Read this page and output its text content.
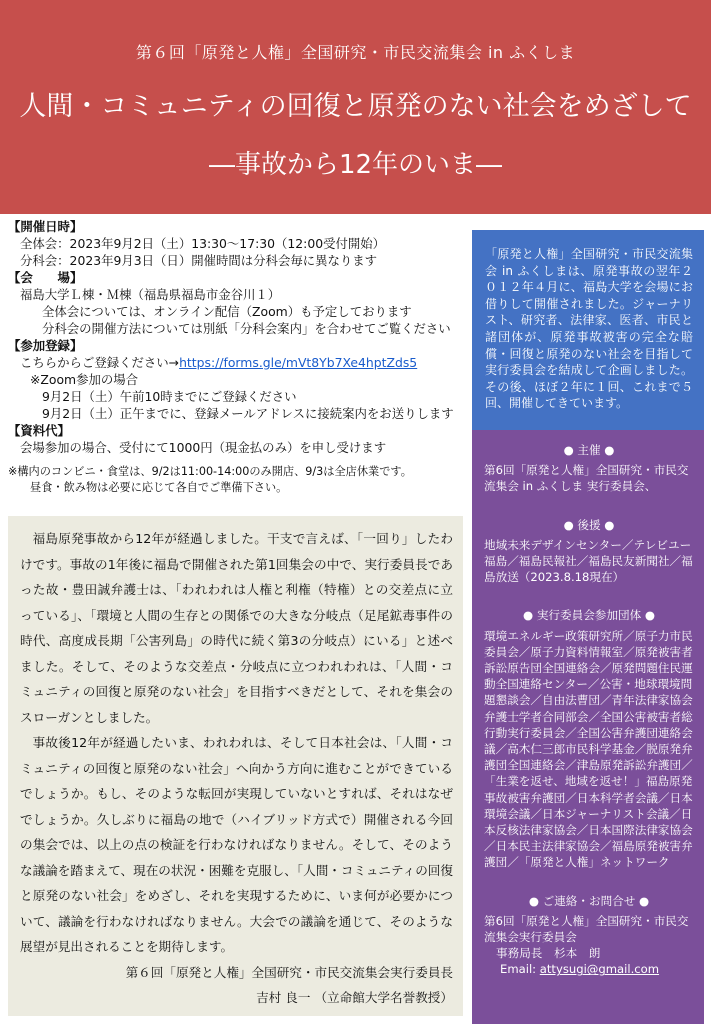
第６回「原発と人権」全国研究・市民交流集会 in ふくしま
人間・コミュニティの回復と原発のない社会をめざして
―事故から12年のいま―
【開催日時】
全体会：2023年9月2日（土）13:30～17:30（12:00受付開始）
分科会：2023年9月3日（日）開催時間は分科会毎に異なります
【会　　場】
福島大学Ｌ棟・Ｍ棟（福島県福島市金谷川１）
全体会については、オンライン配信（Zoom）も予定しております
分科会の開催方法については別紙「分科会案内」を合わせてご覧ください
【参加登録】
こちらからご登録ください→https://forms.gle/mVt8Yb7Xe4hptZds5
※Zoom参加の場合
9月2日（土）午前10時までにご登録ください
9月2日（土）正午までに、登録メールアドレスに接続案内をお送りします
【資料代】
会場参加の場合、受付にて1000円（現金払のみ）を申し受けます
※構内のコンビニ・食堂は、9/2は11:00-14:00のみ開店、9/3は全店休業です。
昼食・飲み物は必要に応じて各自でご準備下さい。

福島原発事故から12年が経過しました。干支で言えば、「一回り」したわけです。事故の1年後に福島で開催された第1回集会の中で、実行委員長であった故・豊田誠弁護士は、「われわれは人権と利権（特権）との交差点に立っている」、「環境と人間の生存との関係での大きな分岐点（足尾鉱毒事件の時代、高度成長期「公害列島」の時代に続く第3の分岐点）にいる」と述べました。そして、そのような交差点・分岐点に立つわれわれは、「人間・コミュニティの回復と原発のない社会」を目指すべきだとして、それを集会のスローガンとしました。

事故後12年が経過したいま、われわれは、そして日本社会は、「人間・コミュニティの回復と原発のない社会」へ向かう方向に進むことができているでしょうか。もし、そのような転回が実現していないとすれば、それはなぜでしょうか。久しぶりに福島の地で（ハイブリッド方式で）開催される今回の集会では、以上の点の検証を行わなければなりません。そして、そのような議論を踏まえて、現在の状況・困難を克服し、「人間・コミュニティの回復と原発のない社会」をめざし、それを実現するために、いま何が必要かについて、議論を行わなければなりません。大会での議論を通じて、そのような展望が見出されることを期待します。

第６回「原発と人権」全国研究・市民交流集会実行委員長
吉村 良一 （立命館大学名誉教授）
「原発と人権」全国研究・市民交流集会 in ふくしまは、原発事故の翌年２０１２年４月に、福島大学を会場にお借りして開催されました。ジャーナリスト、研究者、法律家、医者、市民と諸団体が、原発事故被害の完全な賠償・回復と原発のない社会を目指して実行委員会を結成して企画しました。その後、ほぼ２年に１回、これまで５回、開催してきています。
● 主催 ●
第6回「原発と人権」全国研究・市民交流集会 in ふくしま 実行委員会、
● 後援 ●
地域未来デザインセンター／テレビユー福島／福島民報社／福島民友新聞社／福島放送（2023.8.18現在）
● 実行委員会参加団体 ●
環境エネルギー政策研究所／原子力市民委員会／原子力資料情報室／原発被害者訴訟原告団全国連絡会／原発問題住民運動全国連絡センター／公害・地球環境問題懇談会／自由法曹団／青年法律家協会弁護士学者合同部会／全国公害被害者総行動実行委員会／全国公害弁護団連絡会議／高木仁三郎市民科学基金／脱原発弁護団全国連絡会／津島原発訴訟弁護団／「生業を返せ、地域を返せ！」福島原発事故被害弁護団／日本科学者会議／日本環境会議／日本ジャーナリスト会議／日本反核法律家協会／日本国際法律家協会／日本民主法律家協会／福島原発被害弁護団／「原発と人権」ネットワーク
● ご連絡・お問合せ ●
第6回「原発と人権」全国研究・市民交流集会実行委員会
事務局長　杉本　朗
Email: attysugi@gmail.com
